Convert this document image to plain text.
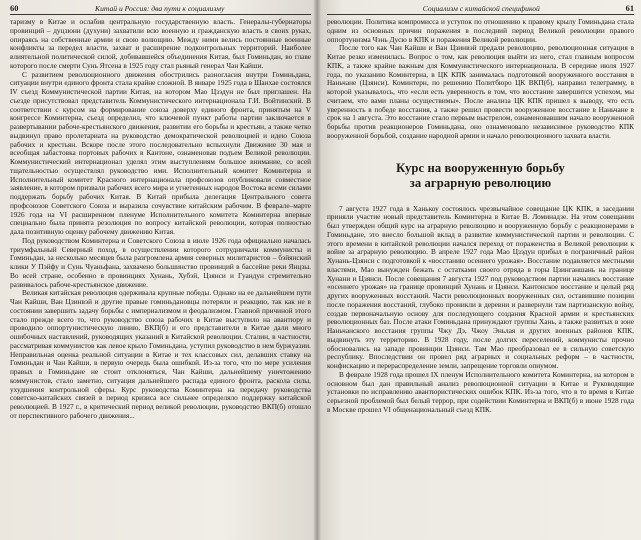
60	Китай и Россия: два пути к социализму

таризму в Китае и ослабив центральную государственную власть. Генералы-губернаторы провинций – дуцзюни (духуни) захватили всю военную и гражданскую власть в своих руках, опираясь на собственные армии и свою волющию. Между ними велись постоянные военные конфликты за передел власти, захват и расширение подконтрольных территорий. Наиболее влиятельной политической силой, добивавшейся объединения Китая, был Гоминьдан, во главе которого после смерти Сунь Ятсена в 1925 году стал рьяный генерал Чан Кайши.

С развитием революционного движения обострились разногласия внутри Гоминьдана, ситуации внутри единого фронта стала крайне сложной. В январе 1925 года в Шанхае состоялся IV съезд Коммунистической партии Китая, на котором Мао Цзэдун не был приглашен. На съезде присутствовал представитель Коммунистического интернационала Г.И. Войтинский. В соответствии с курсом на формирование союза доверху единого фронта, принятым на V конгрессе Коминтерна, съезд определил, что ключевой пункт работы партии заключается в развертывании рабоче-крестьянского движения, развитии его борьбы и крестьян, а также четко выдвинул право пролетариата на руководство демократической революцией и идею Союза рабочих и крестьян. Вскоре после этого последовательно вспыхнули Движение 30 мая и всеобщая забастовка портовых рабочих в Кантоне, ознаменовав подъем Великой революции. Коммунистический интернационал уделял этим выступлениям большое внимание, со всей тщательностью осуществлял руководство ими. Исполнительный комитет Коминтерна и Исполнительный комитет Красного интернационала профсоюзов опубликовали совместное заявление, в котором призвали рабочих всего мира и угнетенных народов Востока всеми силами поддержать борьбу рабочих Китая. В Китай прибыла делегация Центрального совета профсоюзов Советского Союза и выразила сочувствие китайским рабочим. В феврале–марте 1926 года на VI расширенном пленуме Исполнительного комитета Коминтерна впервые специально была принята резолюция по вопросу китайской революции, которая полностью дала позитивную оценку рабочему движению Китая.

Под руководством Коминтерна и Советского Союза в июле 1926 года официально началась триумфальный Северный поход, в осуществлении которого сотрудничали коммунисты и Гоминьдан, за несколько месяцев была разгромлена армия северных милитаристов – бэйянский клики У Пэйфу и Сунь Чуаньфана, захвачено большинство провинций в бассейне реки Янцзы. Во всей стране, особенно в провинциях Хунань, Хубэй, Цзянси и Гуандун стремительно развивалось рабоче-крестьянское движение.

Великая китайская революция одерживала крупные победы. Однако на ее дальнейшем пути Чан Кайши, Ван Цзинвэй и другие правые гоминьдановцы потеряли и реакцию, так как не в состоянии завершить задачу борьбы с империализмом и феодализмом. Главной причиной этого стало прежде всего то, что руководство союза рабочих в Китае выступило на авантюру и проводило оппортунистическую линию, ВКП(б) и его представители в Китае дали много ошибочных наставлений, руководящих указаний в Китайской революции. Сталин, в частности, рассматривая коммунистов как левое крыло Гоминьдана, уступил руководство в нем буржуазии. Неправильная оценка реальной ситуации в Китае и тех классовых сил, делавших ставку на Гоминьдан и Чан Кайши, в первую очередь была ошибкой. Из-за того, что по мере усиления правых в Гоминьдане не стоит отклоняться, Чан Кайши, дальнейшему уничтожению коммунистов, стало заметно, ситуация дальнейшего распада единого фронта, раскола силы, ухудшения контрольной сферы. Курс руководства Коминтерна на передачу руководства советско-китайских связей в период кризиса все сильнее определяло поддержку китайской революцией. В 1927 г., в критический период великой революции, руководство ВКП(б) отошло от перспективного рабочего движения...

Социализм с китайской спецификой	61

революции. Политика компромисса и уступок по отношению к правому крылу Гоминьдана стала одним из основных причин поражения в последний период Великой революции правого оппортунизма Чэнь Дусю в КПК и поражения Великой революции.

После того как Чан Кайши и Ван Цзинвэй предали революцию, революционная ситуация в Китае резко изменилась. Вопрос о том, как революция выйти из него, стал главным вопросом КПК, а также крайне важным для Коммунистического интернационала. В середине июля 1927 года, по указанию Коминтерна, в ЦК КПК занималась подготовкой вооруженного восстания в Наньчане (Цзянси). Коминтерн, по решению Политбюро ЦК ВКП(б), направил телеграмму, в которой указывалось, что «если есть уверенность в том, что восстание завершится успехом, мы считаем, что вами планы осуществимы». После анализа ЦК КПК пришел к выводу, что есть уверенность в победе восстания, а также решил провести вооруженное восстание в Наньчане в срок на 1 августа. Это восстание стало первым выстрелом, ознаменовавшим начало вооруженной борьбы против реакционеров Гоминьдана, оно ознаменовало независимое руководство КПК вооруженной борьбой, создание народной армии и начало революционного захвата власти.

Курс на вооруженную борьбу
за аграрную революцию

7 августа 1927 года в Ханькоу состоялось чрезвычайное совещание ЦК КПК, в заседании приняли участие новый представитель Коминтерна в Китае В. Ломинадзе. На этом совещании был утвержден общий курс на аграрную революцию и вооруженную борьбу с реакционерами в Гоминьдане, это внесло большой вклад в развитие коммунистической партии и революции. С этого времени в китайской революции начался переход от пораженства в Великой революции к войне за аграрную революцию. В апреле 1927 года Мао Цзэдун прибыл в пограничный район Хунань-Цзянси с подготовкой к «восстанию осеннего урожая». Восстание подавляется местными властями, Мао вынужден бежать с остатками своего отряда в горы Цзинганшань на границе Хунани и Цзянси. После совещания 7 августа 1927 под руководством партии начались восстание «осеннего урожая» на границе провинций Хунань и Цзянси. Кантонское восстание и целый ряд других вооруженных восстаний. Части революционных вооруженных сил, оставившие позиции после поражения восстаний, глубоко проникли в деревни и развернули там партизанскую войну, создав первоначальную основу для последующего создания Красной армии и крестьянских революционных баз. После атаки Гоминьдана принуждают группы Хань, а также развитых в зоне Наньчанского восстания группы Чжу Дэ, Чжоу Эньлая и других военных районов КПК, выдвинуть эту территорию. В 1928 году, после долгих переселений, коммунисты прочно обосновались на западе провинции Цзянси. Там Мао преобразовал ее в сильную советскую республику. Впоследствии он провел ряд аграрных и социальных реформ – в частности, конфискацию и перераспределение земли, запрещение торговли опиумом.

В феврале 1928 года прошел IX пленум Исполнительного комитета Коминтерна, на котором в основном был дан правильный анализ революционной ситуации в Китае и Руководящие установки по исправлению авантюристических ошибок КПК. Из-за того, что в то время в Китае серьезной проблемой был белый террор, при содействии Коминтерна и ВКП(б) в июне 1928 года в Москве прошел VI общенациональный съезд КПК.
